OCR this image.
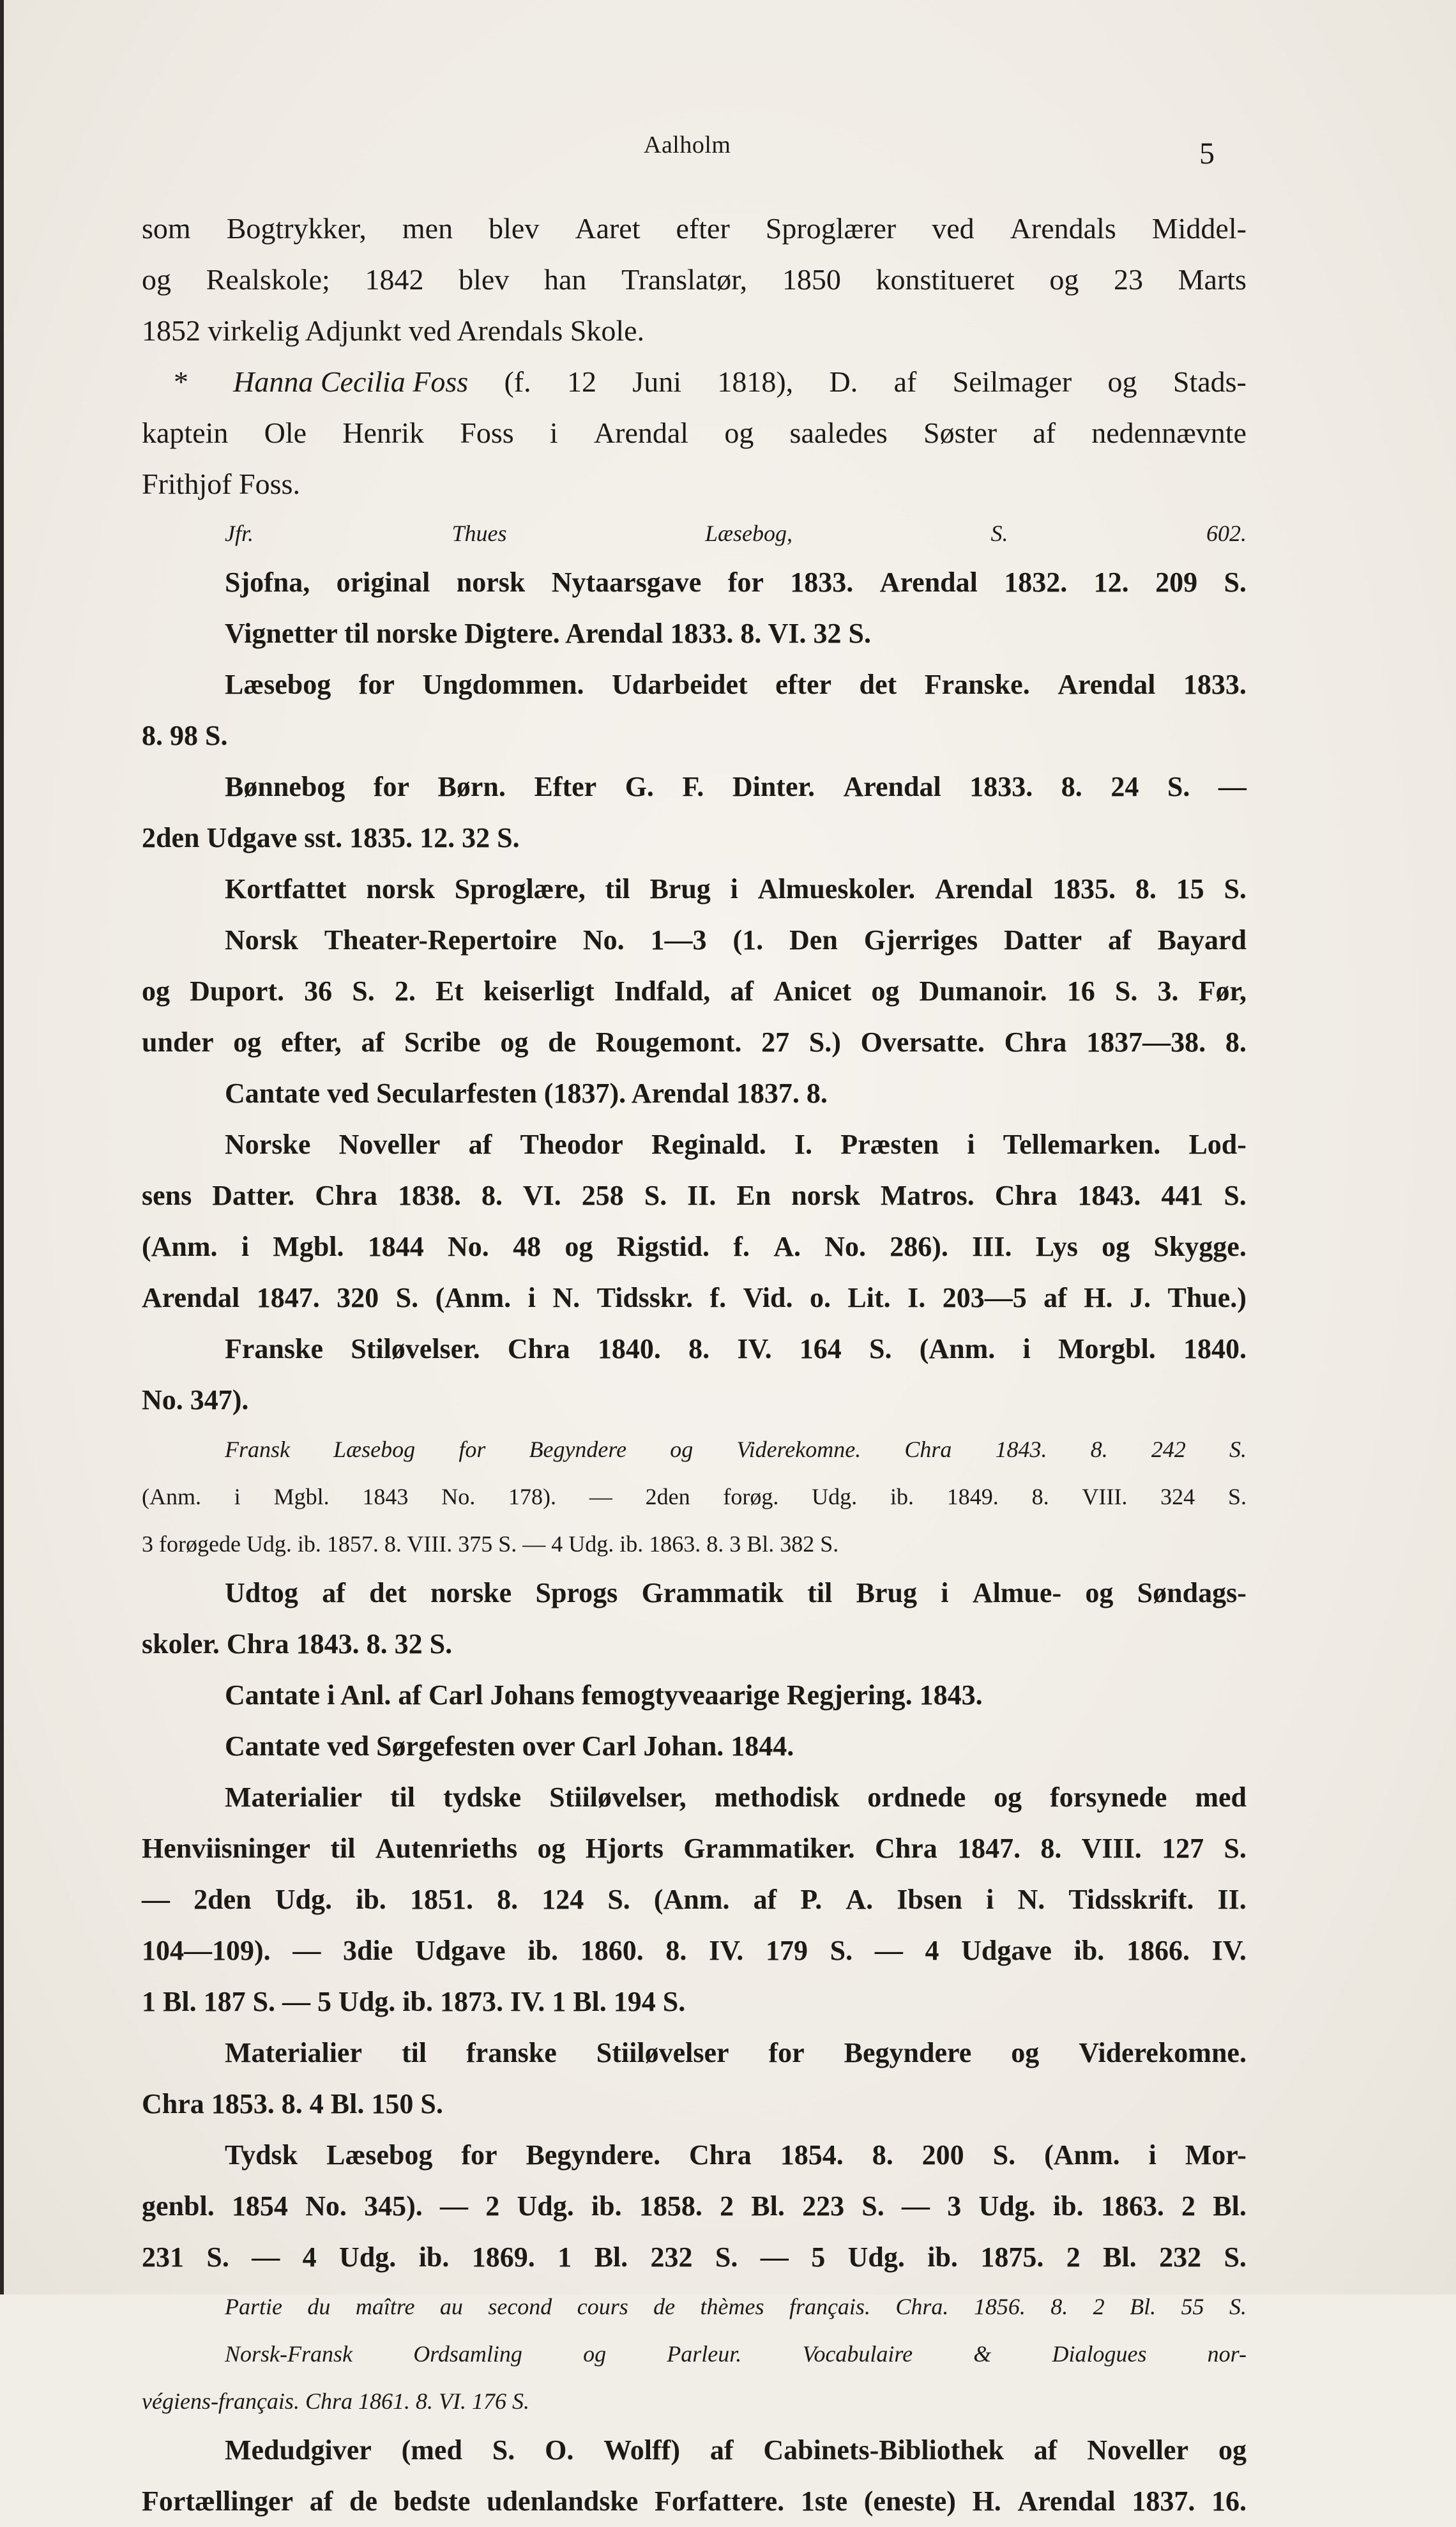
Aalholm	5
som Bogtrykker, men blev Aaret efter Sproglærer ved Arendals Middel-
og Realskole; 1842 blev han Translatør, 1850 konstitueret og 23 Marts
1852 virkelig Adjunkt ved Arendals Skole.
* Hanna Cecilia Foss (f. 12 Juni 1818), D. af Seilmager og Stads-
kaptein Ole Henrik Foss i Arendal og saaledes Søster af nedennævnte
Frithjof Foss.
Jfr.	Thues	Læsebog,	S.	602.
Sjofna, original norsk Nytaarsgave for 1833. Arendal 1832. 12. 209 S.
Vignetter til norske Digtere. Arendal 1833. 8. VI. 32 S.
Læsebog for Ungdommen. Udarbeidet efter det Franske. Arendal 1833.
8. 98 S.
Bønnebog for Børn. Efter G. F. Dinter. Arendal 1833. 8. 24 S. —
2den Udgave sst. 1835. 12. 32 S.
Kortfattet norsk Sproglære, til Brug i Almueskoler. Arendal 1835. 8. 15 S.
Norsk Theater-Repertoire No. 1—3 (1. Den Gjerriges Datter af Bayard
og Duport. 36 S. 2. Et keiserligt Indfald, af Anicet og Dumanoir. 16 S. 3. Før,
under og efter, af Scribe og de Rougemont. 27 S.) Oversatte. Chra 1837—38. 8.
Cantate ved Secularfesten (1837). Arendal 1837. 8.
Norske Noveller af Theodor Reginald. I. Præsten i Tellemarken. Lod-
sens Datter. Chra 1838. 8. VI. 258 S. II. En norsk Matros. Chra 1843. 441 S.
(Anm. i Mgbl. 1844 No. 48 og Rigstid. f. A. No. 286). III. Lys og Skygge.
Arendal 1847. 320 S. (Anm. i N. Tidsskr. f. Vid. o. Lit. I. 203—5 af H. J. Thue.)
Franske Stiløvelser. Chra 1840. 8. IV. 164 S. (Anm. i Morgbl. 1840.
No. 347).
Fransk Læsebog for Begyndere og Viderekomne. Chra 1843. 8. 242 S.
(Anm. i Mgbl. 1843 No. 178). — 2den forøg. Udg. ib. 1849. 8. VIII. 324 S.
3 forøgede Udg. ib. 1857. 8. VIII. 375 S. — 4 Udg. ib. 1863. 8. 3 Bl. 382 S.
Udtog af det norske Sprogs Grammatik til Brug i Almue- og Søndags-
skoler. Chra 1843. 8. 32 S.
Cantate i Anl. af Carl Johans femogtyveaarige Regjering. 1843.
Cantate ved Sørgefesten over Carl Johan. 1844.
Materialier til tydske Stiiløvelser, methodisk ordnede og forsynede med
Henviisninger til Autenrieths og Hjorts Grammatiker. Chra 1847. 8. VIII. 127 S.
— 2den Udg. ib. 1851. 8. 124 S. (Anm. af P. A. Ibsen i N. Tidsskrift. II.
104—109). — 3die Udgave ib. 1860. 8. IV. 179 S. — 4 Udgave ib. 1866. IV.
1 Bl. 187 S. — 5 Udg. ib. 1873. IV. 1 Bl. 194 S.
Materialier til franske Stiiløvelser for Begyndere og Viderekomne.
Chra 1853. 8. 4 Bl. 150 S.
Tydsk Læsebog for Begyndere. Chra 1854. 8. 200 S. (Anm. i Mor-
genbl. 1854 No. 345). — 2 Udg. ib. 1858. 2 Bl. 223 S. — 3 Udg. ib. 1863. 2 Bl.
231 S. — 4 Udg. ib. 1869. 1 Bl. 232 S. — 5 Udg. ib. 1875. 2 Bl. 232 S.
Partie du maître au second cours de thèmes français. Chra. 1856. 8. 2 Bl. 55 S.
Norsk-Fransk	Ordsamling	og	Parleur.	Vocabulaire	&	Dialogues	nor-
végiens-français. Chra 1861. 8. VI. 176 S.
Medudgiver (med S. O. Wolff) af Cabinets-Bibliothek af Noveller og
Fortællinger af de bedste udenlandske Forfattere. 1ste (eneste) H. Arendal 1837. 16.
